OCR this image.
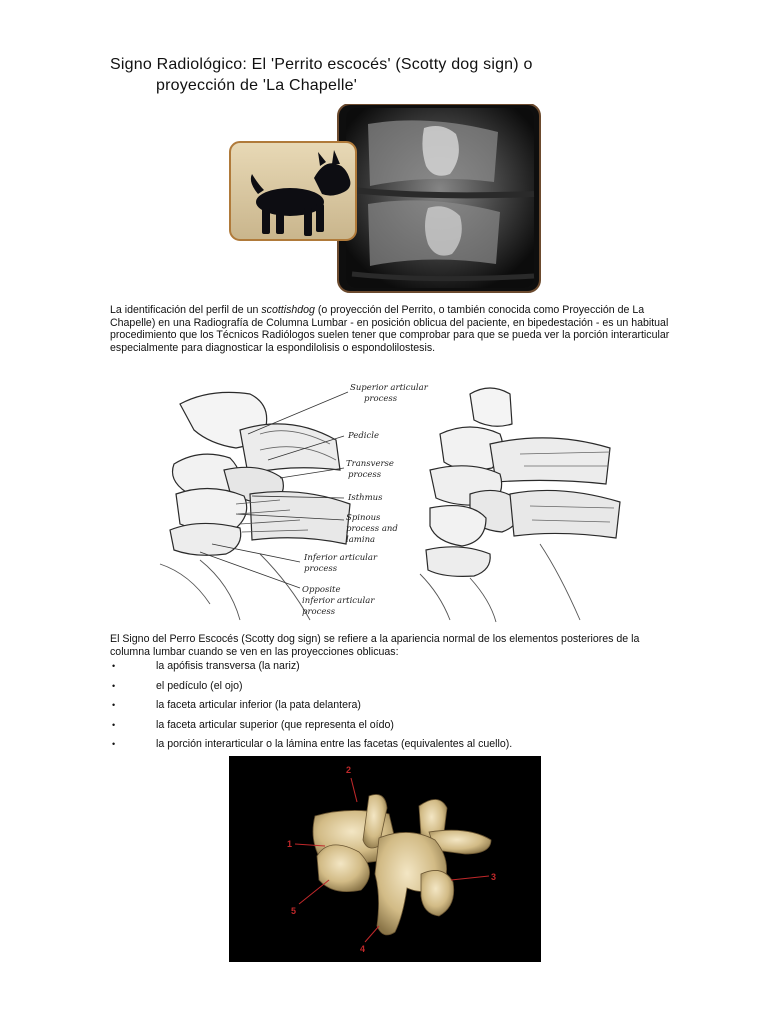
Signo Radiológico: El 'Perrito escocés' (Scotty dog sign) o
proyección de 'La Chapelle'
La identificación del perfil de un scottishdog (o proyección del Perrito, o también conocida como Proyección de La Chapelle) en una Radiografía de Columna Lumbar - en posición oblicua del paciente, en bipedestación - es un habitual procedimiento que los Técnicos Radiólogos suelen tener que comprobar para que se pueda ver la porción interarticular especialmente para diagnosticar la espondilolisis o espondolilostesis.
Superior articular
process
Pedicle
Transverse
process
Isthmus
Spinous
process and
lamina
Inferior articular
process
Opposite
inferior articular
process
El Signo del Perro Escocés (Scotty dog sign) se refiere a la apariencia normal de los elementos posteriores de la columna lumbar cuando se ven en las proyecciones oblicuas:
•	la apófisis transversa (la nariz)
•	el pedículo (el ojo)
•	la faceta articular inferior (la pata delantera)
•	la faceta articular superior (que representa el oído)
•	la porción interarticular o la lámina entre las facetas (equivalentes al cuello).
1
2
3
4
5
